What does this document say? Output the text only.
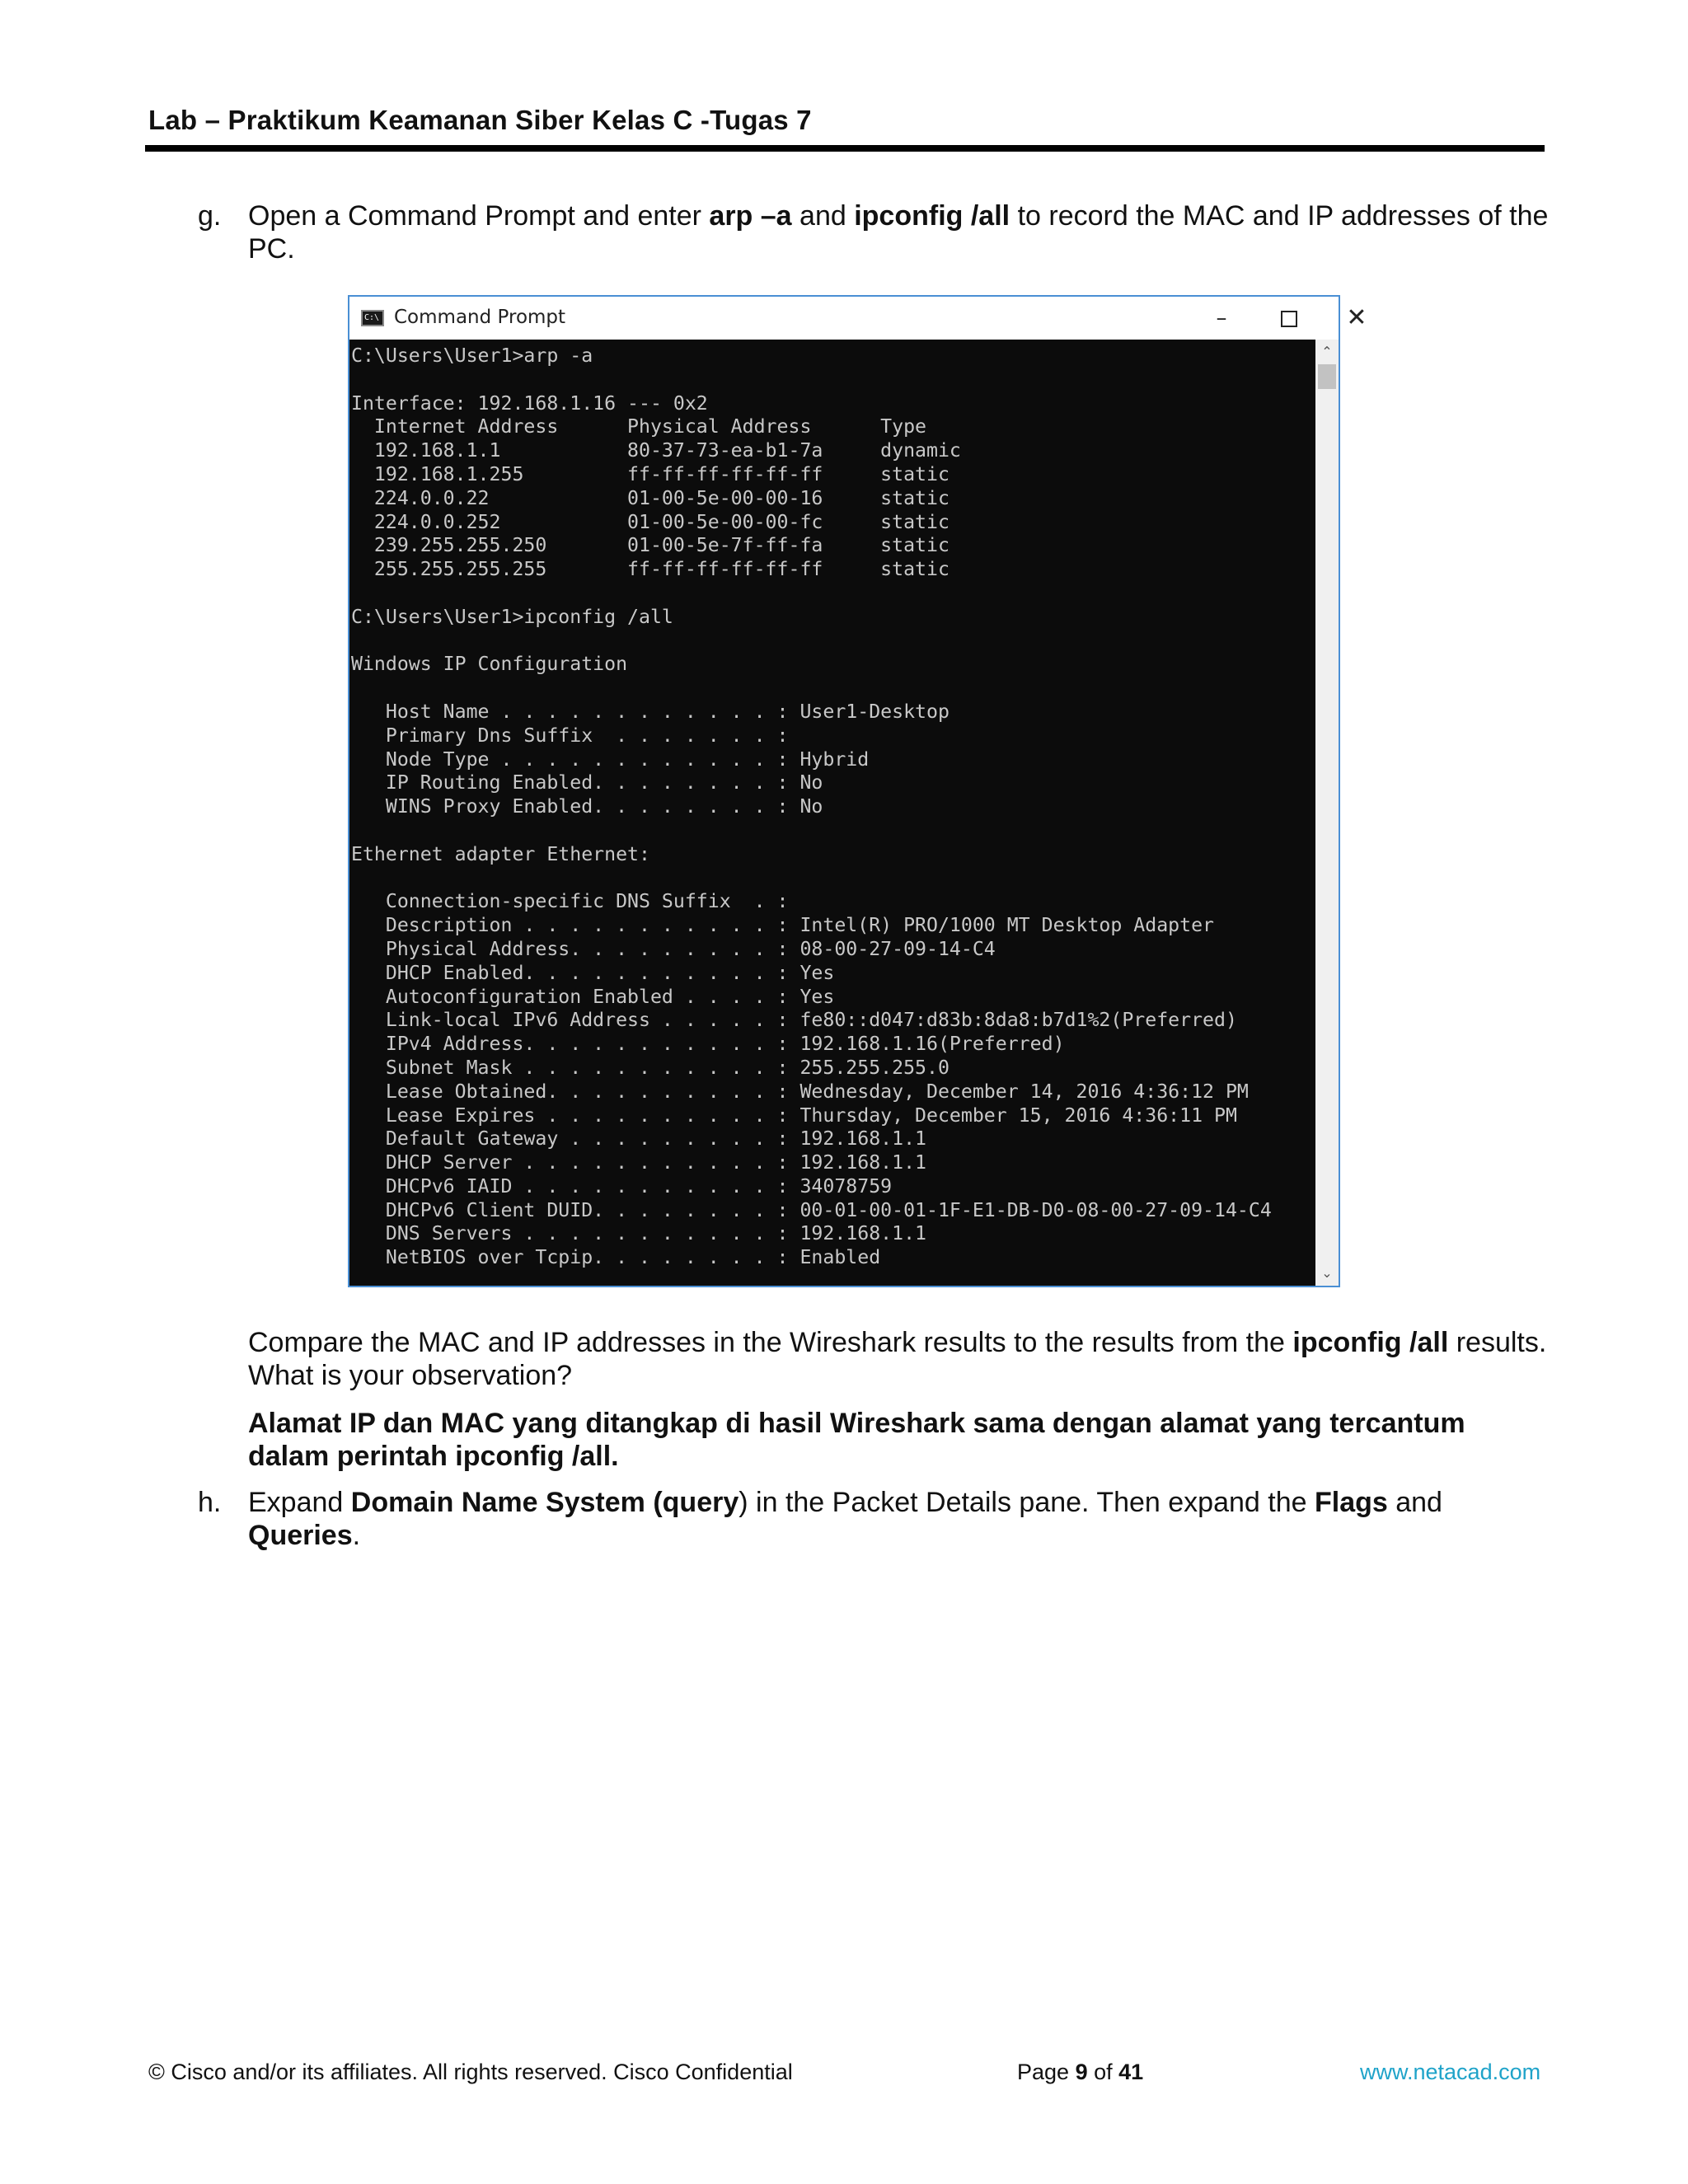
Lab – Praktikum Keamanan Siber Kelas C -Tugas 7
g. Open a Command Prompt and enter arp –a and ipconfig /all to record the MAC and IP addresses of the PC.
C:\ Command Prompt	–	✕
C:\Users\User1>arp -a

Interface: 192.168.1.16 --- 0x2
Internet Address      Physical Address      Type
192.168.1.1           80-37-73-ea-b1-7a     dynamic
192.168.1.255         ff-ff-ff-ff-ff-ff     static
224.0.0.22            01-00-5e-00-00-16     static
224.0.0.252           01-00-5e-00-00-fc     static
239.255.255.250       01-00-5e-7f-ff-fa     static
255.255.255.255       ff-ff-ff-ff-ff-ff     static

C:\Users\User1>ipconfig /all

Windows IP Configuration

Host Name . . . . . . . . . . . . : User1-Desktop
Primary Dns Suffix  . . . . . . . :
Node Type . . . . . . . . . . . . : Hybrid
IP Routing Enabled. . . . . . . . : No
WINS Proxy Enabled. . . . . . . . : No

Ethernet adapter Ethernet:

Connection-specific DNS Suffix  . :
Description . . . . . . . . . . . : Intel(R) PRO/1000 MT Desktop Adapter
Physical Address. . . . . . . . . : 08-00-27-09-14-C4
DHCP Enabled. . . . . . . . . . . : Yes
Autoconfiguration Enabled . . . . : Yes
Link-local IPv6 Address . . . . . : fe80::d047:d83b:8da8:b7d1%2(Preferred)
IPv4 Address. . . . . . . . . . . : 192.168.1.16(Preferred)
Subnet Mask . . . . . . . . . . . : 255.255.255.0
Lease Obtained. . . . . . . . . . : Wednesday, December 14, 2016 4:36:12 PM
Lease Expires . . . . . . . . . . : Thursday, December 15, 2016 4:36:11 PM
Default Gateway . . . . . . . . . : 192.168.1.1
DHCP Server . . . . . . . . . . . : 192.168.1.1
DHCPv6 IAID . . . . . . . . . . . : 34078759
DHCPv6 Client DUID. . . . . . . . : 00-01-00-01-1F-E1-DB-D0-08-00-27-09-14-C4
DNS Servers . . . . . . . . . . . : 192.168.1.1
NetBIOS over Tcpip. . . . . . . . : Enabled
⌃
⌄
Compare the MAC and IP addresses in the Wireshark results to the results from the ipconfig /all results. What is your observation?
Alamat IP dan MAC yang ditangkap di hasil Wireshark sama dengan alamat yang tercantum dalam perintah ipconfig /all.
h. Expand Domain Name System (query) in the Packet Details pane. Then expand the Flags and Queries.
© Cisco and/or its affiliates. All rights reserved. Cisco Confidential	Page 9 of 41	www.netacad.com
